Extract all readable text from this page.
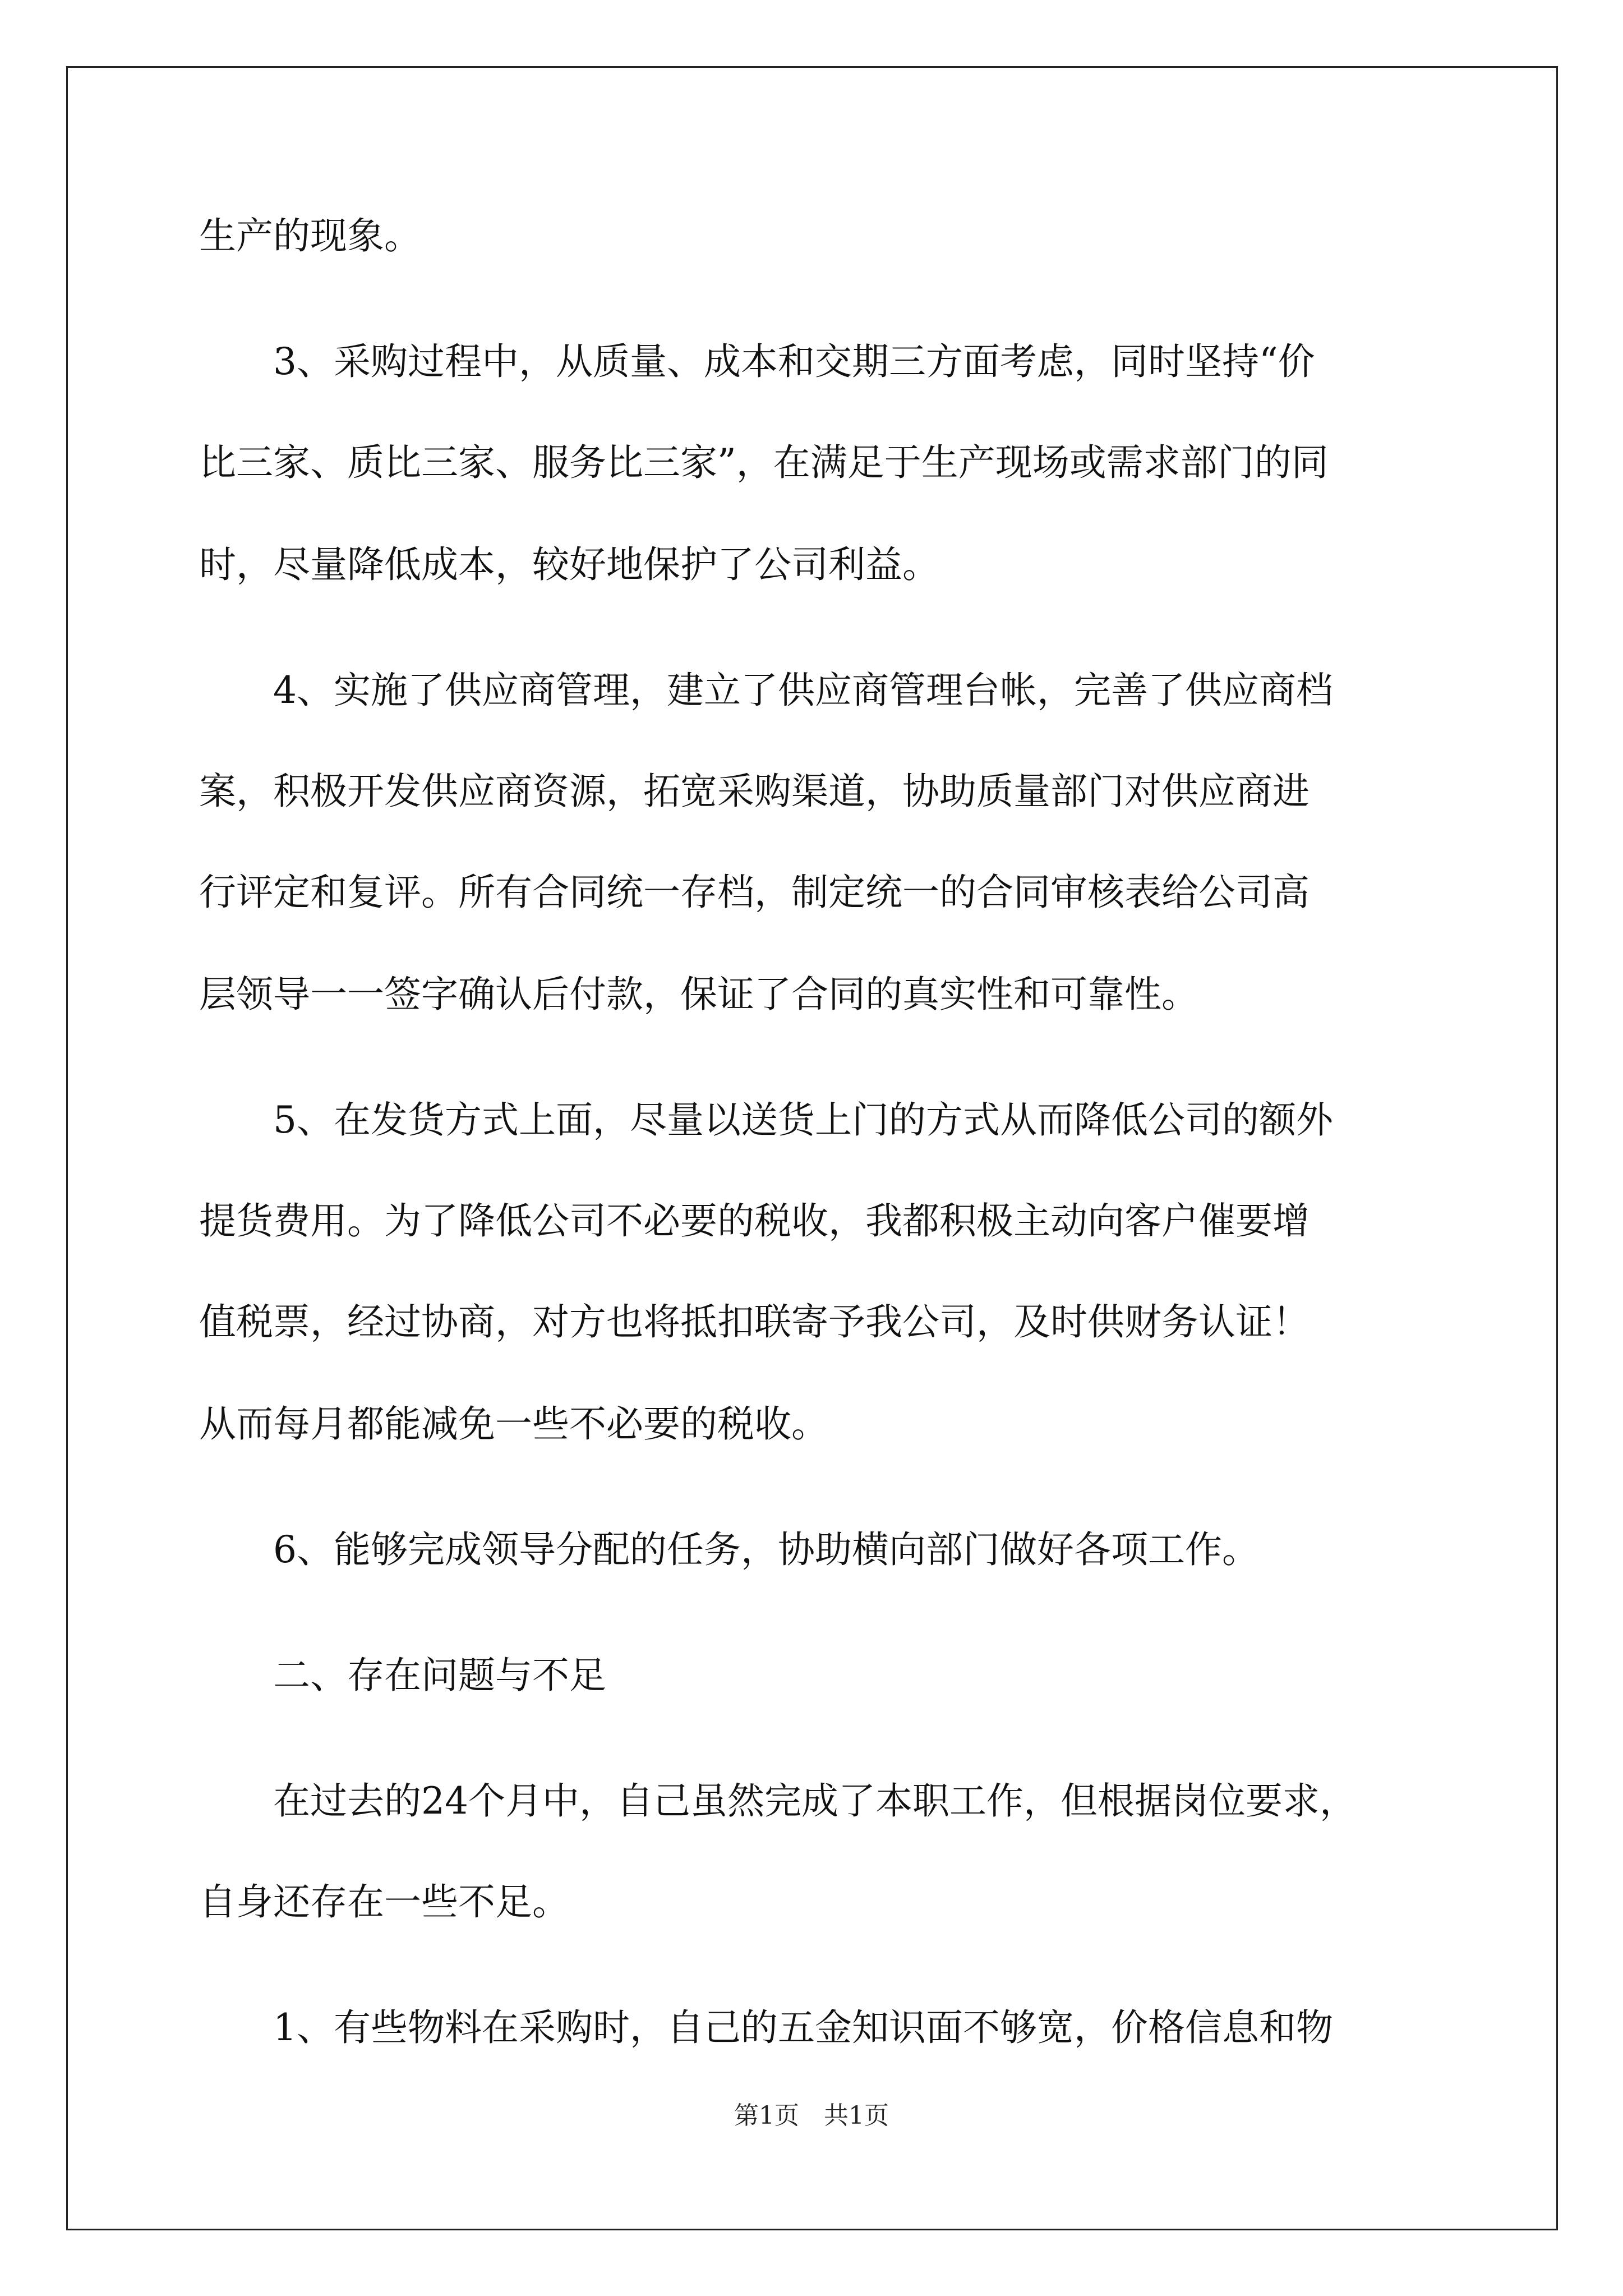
生产的现象。
　　3、采购过程中，从质量、成本和交期三方面考虑，同时坚持“价
比三家、质比三家、服务比三家”，在满足于生产现场或需求部门的同
时，尽量降低成本，较好地保护了公司利益。
　　4、实施了供应商管理，建立了供应商管理台帐，完善了供应商档
案，积极开发供应商资源，拓宽采购渠道，协助质量部门对供应商进
行评定和复评。所有合同统一存档，制定统一的合同审核表给公司高
层领导一一签字确认后付款，保证了合同的真实性和可靠性。
　　5、在发货方式上面，尽量以送货上门的方式从而降低公司的额外
提货费用。为了降低公司不必要的税收，我都积极主动向客户催要增
值税票，经过协商，对方也将抵扣联寄予我公司，及时供财务认证！
从而每月都能减免一些不必要的税收。
　　6、能够完成领导分配的任务，协助横向部门做好各项工作。
　　二、存在问题与不足
　　在过去的24个月中，自己虽然完成了本职工作，但根据岗位要求，
自身还存在一些不足。
　　1、有些物料在采购时，自己的五金知识面不够宽，价格信息和物
第1页　共1页
